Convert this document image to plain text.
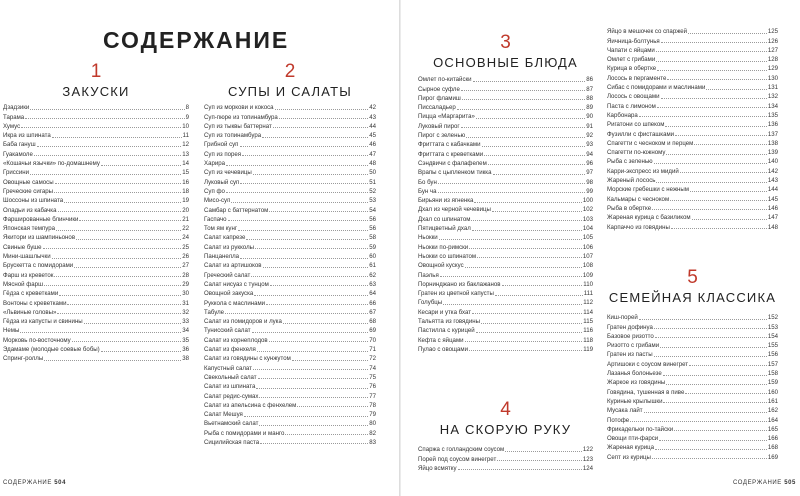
СОДЕРЖАНИЕ
1
ЗАКУСКИ
Дзадзики	8
Тарама	9
Хумус	10
Икра из шпината	11
Баба гануш	12
Гуакамоле	13
«Кошачьи язычки» по-домашнему	14
Гриссини	15
Овощные самосы	16
Греческие сигары	18
Шоссоны из шпината	19
Оладьи из кабачка	20
Фаршированные блинчики	21
Японская темпура	22
Якитори из шампиньонов	24
Свиные буше	25
Мини-шашлычки	26
Брускетта с помидорами	27
Фарш из креветок	28
Мясной фарш	29
Гёдза с креветками	30
Вонтоны с креветками	31
«Львиные головы»	32
Гёдза из капусты и свинины	33
Немы	34
Морковь по-восточному	35
Эдамаме (молодые соевые бобы)	36
Спринг-роллы	38
2
СУПЫ И САЛАТЫ
Суп из моркови и кокоса	42
Суп-пюре из топинамбура	43
Суп из тыквы баттернат	44
Суп из топинамбура	45
Грибной суп	46
Суп из порея	47
Харира	48
Суп из чечевицы	50
Луковый суп	51
Суп фо	52
Мисо-суп	53
Самбар с баттернатом	54
Гаспачо	56
Том ям кунг	56
Салат капрезе	58
Салат из рукколы	59
Панцанелла	60
Салат из артишоков	61
Греческий салат	62
Салат нисуаз с тунцом	63
Овощной закуска	64
Руккола с маслинами	66
Табуле	67
Салат из помидоров и лука	68
Тунисский салат	69
Салат из корнеплодов	70
Салат из фенхеля	71
Салат из говядины с кунжутом	72
Капустный салат	74
Свекольный салат	75
Салат из шпината	76
Салат редис-сумах	77
Салат из апельсина с фенхелем	78
Салат Мешуя	79
Вьетнамский салат	80
Рыба с помидорами и манго	82
Сицилийская паста	83
СОДЕРЖАНИЕ 504
3
ОСНОВНЫЕ БЛЮДА
Омлет по-китайски	86
Сырное суфле	87
Пирог фламиш	88
Писсаладьер	89
Пицца «Маргарита»	90
Луковый пирог	91
Пирог с зеленью	92
Фриттата с кабачками	93
Фриттата с креветками	94
Сэндвичи с фалафелем	96
Врапы с цыпленком тикка	97
Бо бун	98
Бун ча	99
Бирьяни из ягненка	100
Дхал из черной чечевицы	102
Дхал со шпинатом	103
Пятицветный дхал	104
Ньокки	105
Ньокки по-римски	106
Ньокки со шпинатом	107
Овощной кускус	108
Паэлья	109
Порнинджано из баклажанов	110
Гратен из цветной капусты	111
Голубцы	112
Кесари и утка бхат	114
Тальятта из говядины	115
Пастилла с курицей	116
Кефта с яйцами	118
Пулао с овощами	119
4
НА СКОРУЮ РУКУ
Спаржа с голландским соусом	122
Порей под соусом винегрет	123
Яйцо всмятку	124
Яйцо в мешочек со спаржей	125
Яичница-болтунья	126
Чапати с яйцами	127
Омлет с грибами	128
Курица в обертке	129
Лосось в пергаменте	130
Сибас с помидорами и маслинами	131
Лосось с овощами	132
Паста с лимоном	134
Карбонара	135
Ригатони со шпеком	136
Фузилли с фисташками	137
Спагетти с чесноком и перцем	138
Спагетти по-южному	139
Рыба с зеленью	140
Карри-экспресс из мидий	142
Жареный лосось	143
Морские гребешки с нежным	144
Кальмары с чесноком	145
Рыба в обертке	146
Жареная курица с базиликом	147
Карпаччо из говядины	148
5
СЕМЕЙНАЯ КЛАССИКА
Киш-порей	152
Гратен дофинуа	153
Базовое ризотто	154
Ризотто с грибами	155
Гратен из пасты	156
Артишоки с соусом винегрет	157
Лазанья болоньезе	158
Жаркое из говядины	159
Говядина, тушенная в пиве	160
Куриные крылышки	161
Мусака лайт	162
Потофе	164
Фрикадельки по-тайски	165
Овощи пти-фарси	166
Жареная курица	168
Септ из курицы	169
СОДЕРЖАНИЕ 505
